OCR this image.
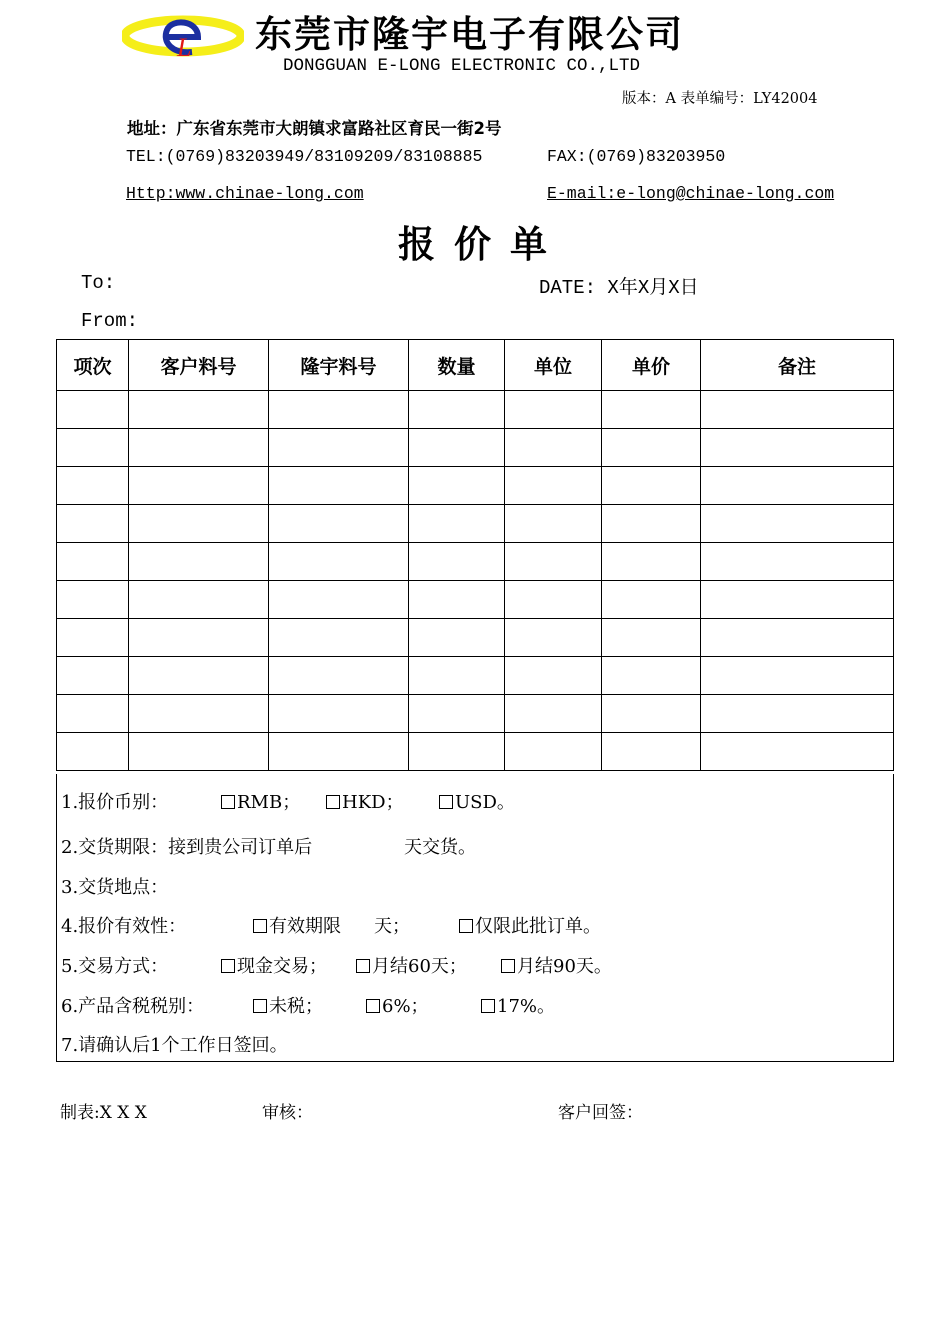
L 东莞市隆宇电子有限公司
DONGGUAN E-LONG ELECTRONIC CO.,LTD
版本：A 表单编号：LY42004
地址：广东省东莞市大朗镇求富路社区育民一街2号
TEL:(0769)83203949/83109209/83108885	FAX:(0769)83203950
Http:www.chinae-long.com	E-mail:e-long@chinae-long.com
报价单
To:	DATE: X年X月X日
From:
项次	客户料号	隆宇料号	数量	单位	单价	备注

1.报价币别：	RMB；	HKD；	USD。
2.交货期限：接到贵公司订单后	天交货。
3.交货地点：
4.报价有效性：	有效期限 天；	仅限此批订单。
5.交易方式：	现金交易；	月结60天；	月结90天。
6.产品含税税别：	未税；	6%；	17%。
7.请确认后1个工作日签回。
制表:X X X	审核：	客户回签：
